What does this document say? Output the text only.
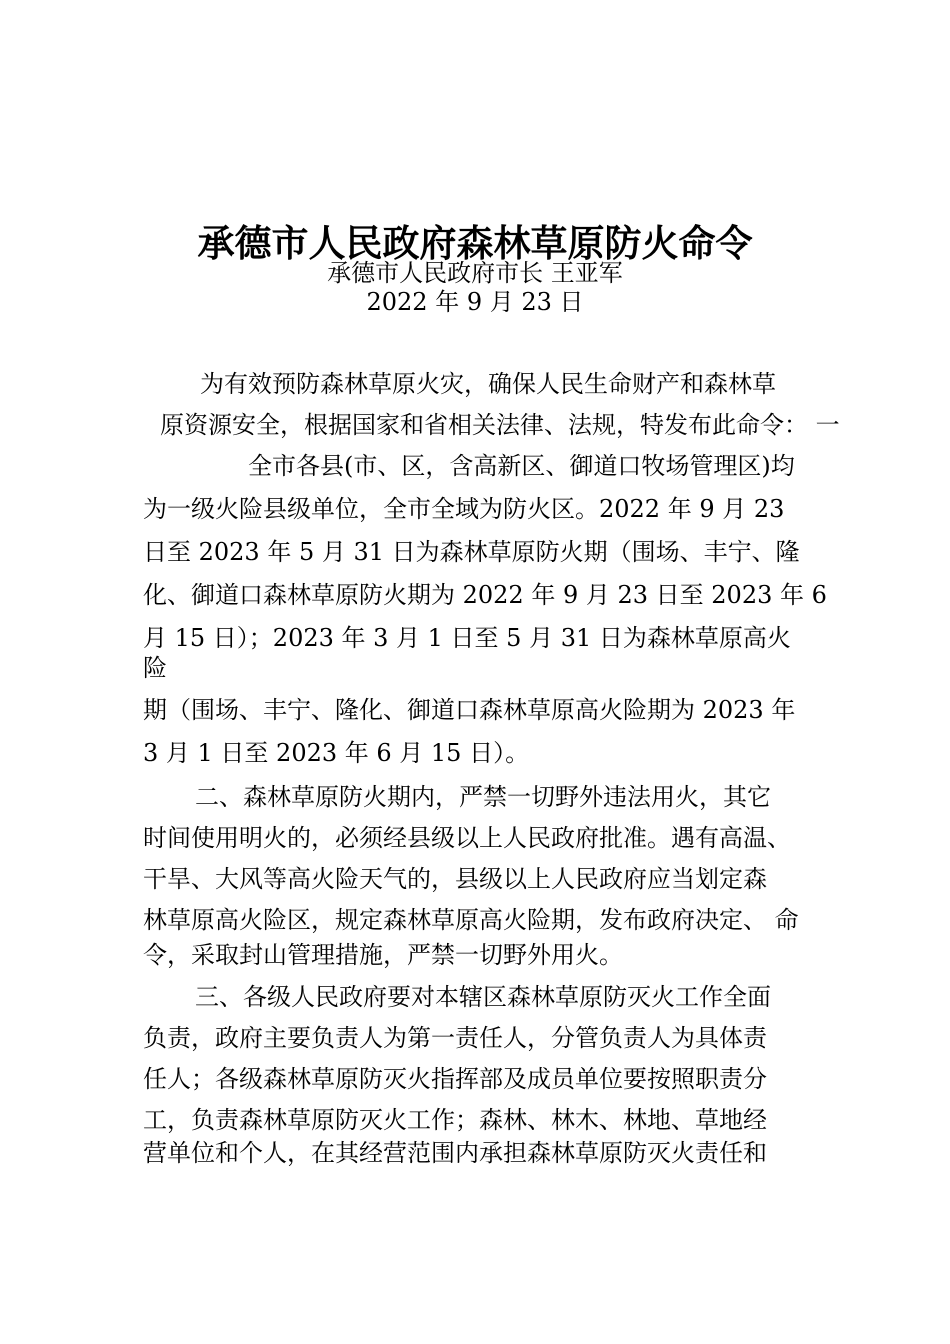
承德市人民政府森林草原防火命令
承德市人民政府市长 王亚军
2022 年 9 月 23 日

为有效预防森林草原火灾，确保人民生命财产和森林草

原资源安全，根据国家和省相关法律、法规，特发布此命令： 一

全市各县(市、区，含高新区、御道口牧场管理区)均

为一级火险县级单位，全市全域为防火区。2022 年 9 月 23

日至 2023 年 5 月 31 日为森林草原防火期（围场、丰宁、隆

化、御道口森林草原防火期为 2022 年 9 月 23 日至 2023 年 6

月 15 日）；2023 年 3 月 1 日至 5 月 31 日为森林草原高火

险

期（围场、丰宁、隆化、御道口森林草原高火险期为 2023 年

3 月 1 日至 2023 年 6 月 15 日）。

二、森林草原防火期内，严禁一切野外违法用火，其它

时间使用明火的，必须经县级以上人民政府批准。遇有高温、

干旱、大风等高火险天气的，县级以上人民政府应当划定森

林草原高火险区，规定森林草原高火险期，发布政府决定、 命

令，采取封山管理措施，严禁一切野外用火。

三、各级人民政府要对本辖区森林草原防灭火工作全面

负责，政府主要负责人为第一责任人，分管负责人为具体责

任人；各级森林草原防灭火指挥部及成员单位要按照职责分

工，负责森林草原防灭火工作；森林、林木、林地、草地经

营单位和个人，在其经营范围内承担森林草原防灭火责任和
